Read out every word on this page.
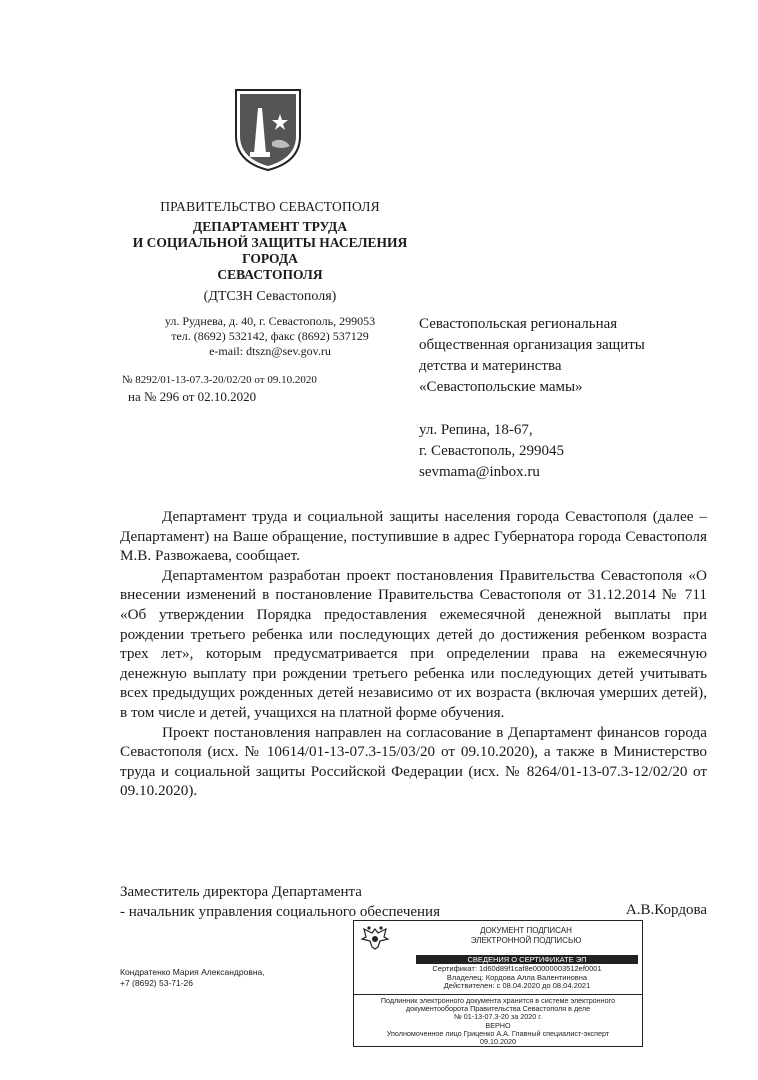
ПРАВИТЕЛЬСТВО СЕВАСТОПОЛЯ
ДЕПАРТАМЕНТ ТРУДА
И СОЦИАЛЬНОЙ ЗАЩИТЫ НАСЕЛЕНИЯ
ГОРОДА
СЕВАСТОПОЛЯ
(ДТСЗН Севастополя)
ул. Руднева, д. 40, г. Севастополь, 299053
тел. (8692) 532142, факс (8692) 537129
e-mail: dtszn@sev.gov.ru
№ 8292/01-13-07.3-20/02/20 от 09.10.2020
на № 296 от 02.10.2020
Севастопольская региональная
общественная организация защиты
детства и материнства
«Севастопольские мамы»
ул. Репина, 18-67,
г. Севастополь, 299045
sevmama@inbox.ru

Департамент труда и социальной защиты населения города Севастополя (далее – Департамент) на Ваше обращение, поступившие в адрес Губернатора города Севастополя М.В. Развожаева, сообщает.

Департаментом разработан проект постановления Правительства Севастополя «О внесении изменений в постановление Правительства Севастополя от 31.12.2014 № 711 «Об утверждении Порядка предоставления ежемесячной денежной выплаты при рождении третьего ребенка или последующих детей до достижения ребенком возраста трех лет», которым предусматривается при определении права на ежемесячную денежную выплату при рождении третьего ребенка или последующих детей учитывать всех предыдущих рожденных детей независимо от их возраста (включая умерших детей), в том числе и детей, учащихся на платной форме обучения.

Проект постановления направлен на согласование в Департамент финансов города Севастополя (исх. № 10614/01-13-07.3-15/03/20 от 09.10.2020), а также в Министерство труда и социальной защиты Российской Федерации (исх. № 8264/01-13-07.3-12/02/20 от 09.10.2020).

Заместитель директора Департамента
- начальник управления социального обеспечения	А.В.Кордова
Кондратенко Мария Александровна,
+7 (8692) 53-71-26
ДОКУМЕНТ ПОДПИСАН
ЭЛЕКТРОННОЙ ПОДПИСЬЮ
СВЕДЕНИЯ О СЕРТИФИКАТЕ ЭП
Сертификат: 1d60d89f1caf8e00000003512ef0001
Владелец: Кордова Алла Валентиновна
Действителен: с 08.04.2020 до 08.04.2021
Подлинник электронного документа хранится в системе электронного
документооборота Правительства Севастополя в деле
№ 01-13-07.3-20 за 2020 г.
ВЕРНО
Уполномоченное лицо Гриценко А.А. Главный специалист-эксперт
09.10.2020
